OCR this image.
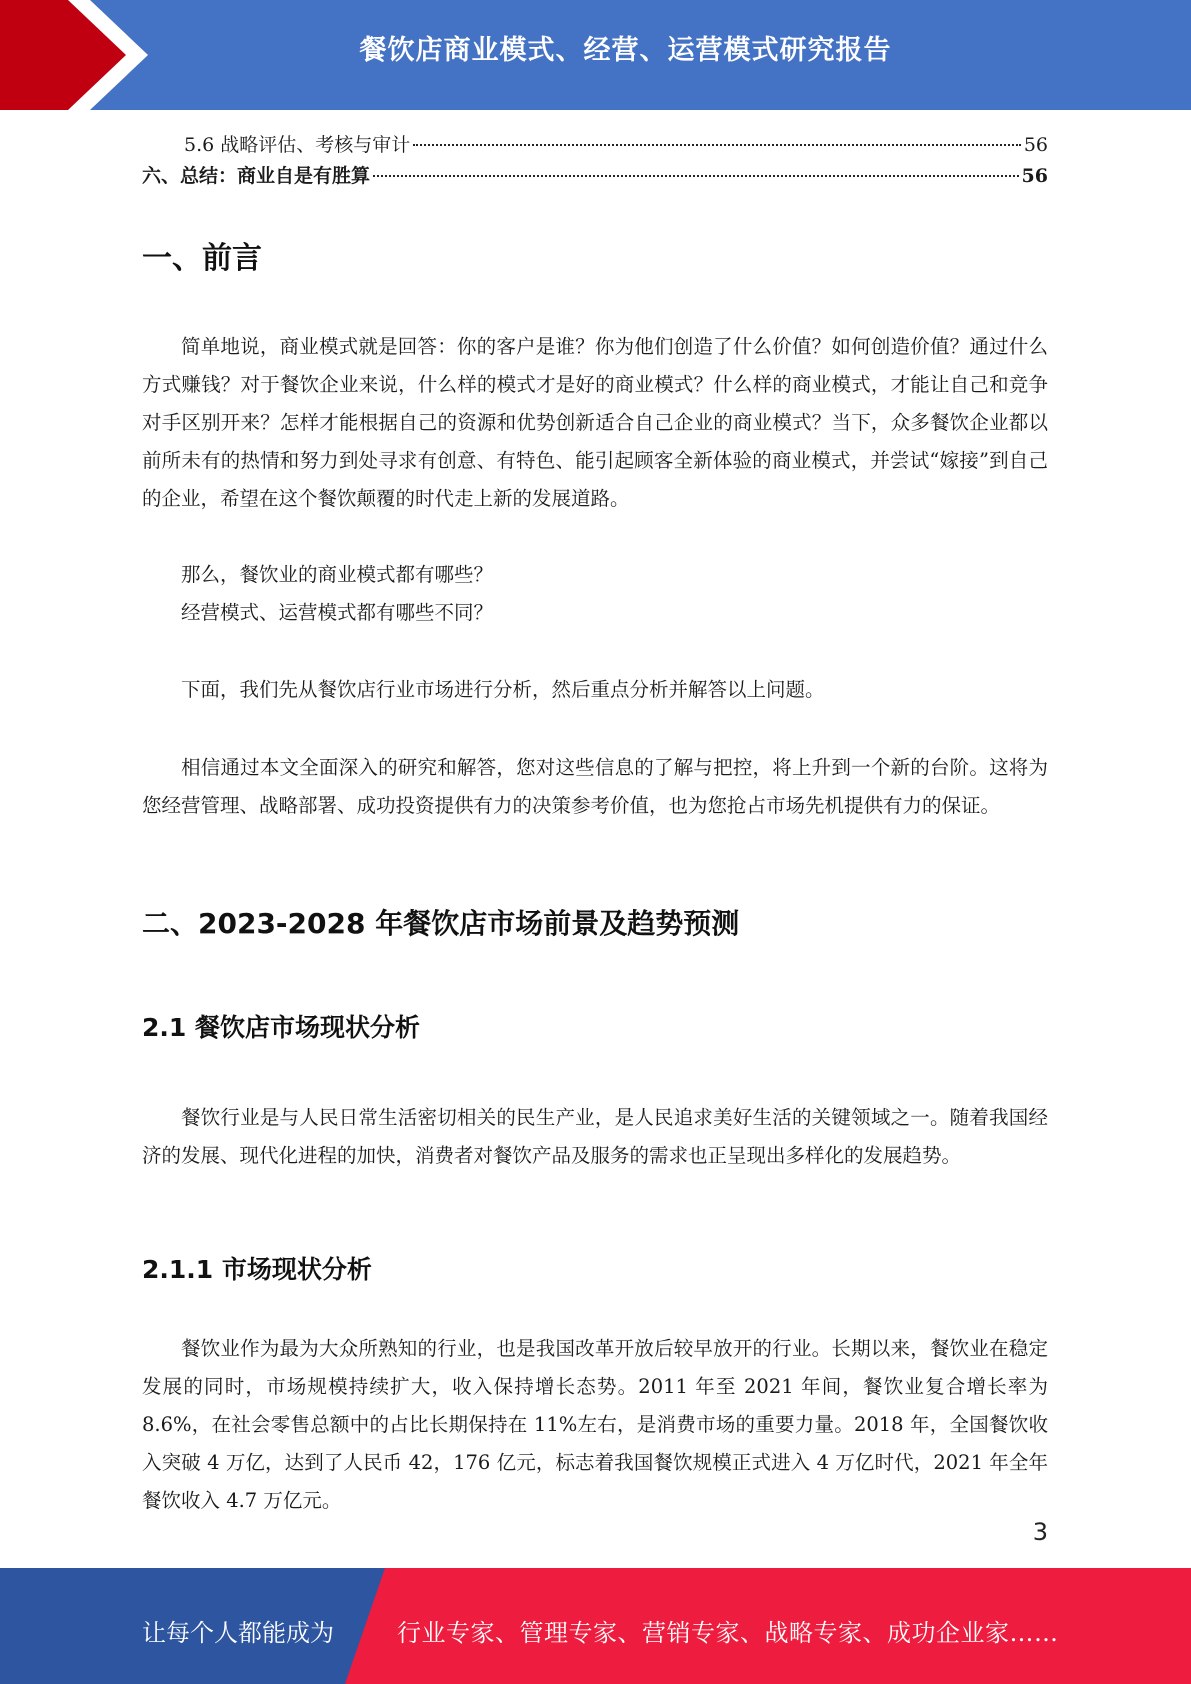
餐饮店商业模式、经营、运营模式研究报告
5.6 战略评估、考核与审计	56
六、总结：商业自是有胜算	56
一、前言

简单地说，商业模式就是回答：你的客户是谁？你为他们创造了什么价值？如何创造价值？通过什么方式赚钱？对于餐饮企业来说，什么样的模式才是好的商业模式？什么样的商业模式，才能让自己和竞争对手区别开来？怎样才能根据自己的资源和优势创新适合自己企业的商业模式？当下，众多餐饮企业都以前所未有的热情和努力到处寻求有创意、有特色、能引起顾客全新体验的商业模式，并尝试“嫁接”到自己的企业，希望在这个餐饮颠覆的时代走上新的发展道路。

那么，餐饮业的商业模式都有哪些？

经营模式、运营模式都有哪些不同？

下面，我们先从餐饮店行业市场进行分析，然后重点分析并解答以上问题。

相信通过本文全面深入的研究和解答，您对这些信息的了解与把控，将上升到一个新的台阶。这将为您经营管理、战略部署、成功投资提供有力的决策参考价值，也为您抢占市场先机提供有力的保证。

二、2023-2028 年餐饮店市场前景及趋势预测
2.1 餐饮店市场现状分析

餐饮行业是与人民日常生活密切相关的民生产业，是人民追求美好生活的关键领域之一。随着我国经济的发展、现代化进程的加快，消费者对餐饮产品及服务的需求也正呈现出多样化的发展趋势。

2.1.1 市场现状分析

餐饮业作为最为大众所熟知的行业，也是我国改革开放后较早放开的行业。长期以来，餐饮业在稳定发展的同时，市场规模持续扩大，收入保持增长态势。2011 年至 2021 年间，餐饮业复合增长率为 8.6%，在社会零售总额中的占比长期保持在 11%左右，是消费市场的重要力量。2018 年，全国餐饮收入突破 4 万亿，达到了人民币 42，176 亿元，标志着我国餐饮规模正式进入 4 万亿时代，2021 年全年餐饮收入 4.7 万亿元。

3
让每个人都能成为	行业专家、管理专家、营销专家、战略专家、成功企业家……
